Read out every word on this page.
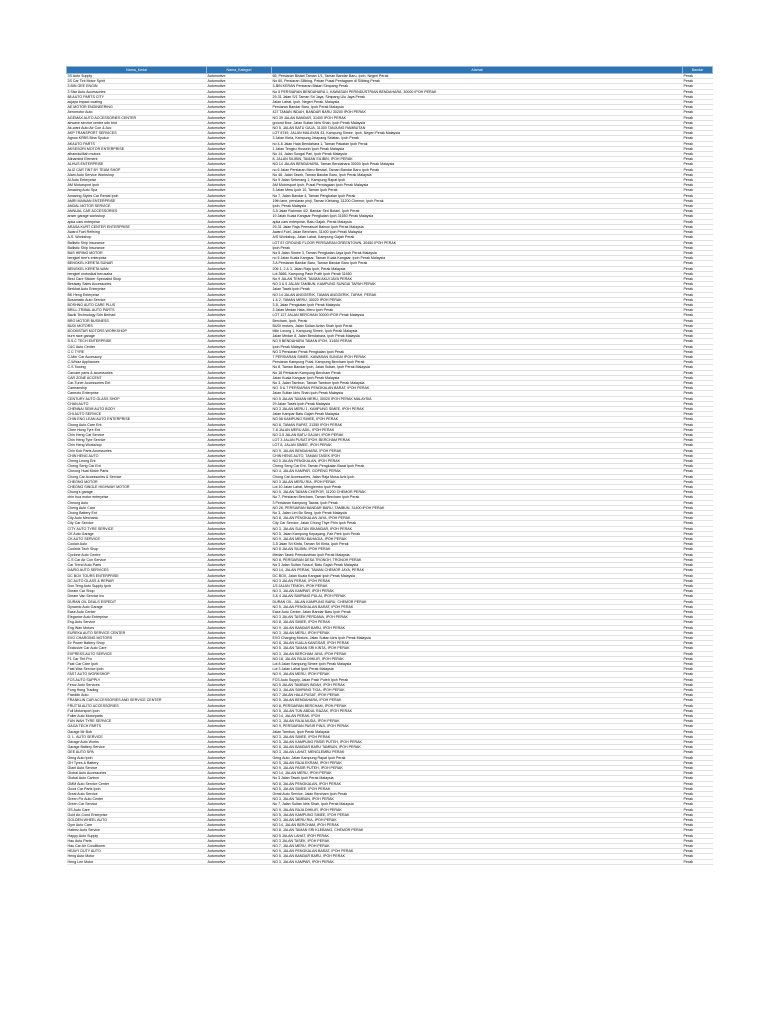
Nama_Kedai	Nama_Kategori	Alamat	Bandar
3S Auto Supply	Automotive	65, Persiaran Bistari Taman 1/1, Taman Bandar Baru, Ipoh, Negeri Perak	Perak
3S Car Tint Motor Spirit	Automotive	No 60, Persiaran Silibing, Pekan Pusat Pentagram di Silibing Perak	Perak
3 BIN GEE ENGIN	Automotive	3-BIN KERAN Persiaran Bistari Simpang Perak	Perak
3 Star Auto Accessories	Automotive	No 5 PERSIARAN BENDAHARA 1, KAWASAN PERINDUSTRIAN BENDAHARA, 30000 IPOH PERAK	Perak
88 AUTO PARTS CITY	Automotive	29-31 Jalan S/1 Taman Sri Jaya, Simpang Ulu Jaya Perak	Perak
acjaya impact coating	Automotive	Jalan Lahat, Ipoh, Negeri Perak, Malaysia	Perak
AE MOTOR ENGINEERING	Automotive	Persiaran Bandar Baru, Ipoh Perak Malaysia	Perak
Aeromotor Auto	Automotive	427 TAMAN INDAH, BANDAR BARU 30200 IPOH PERAK	Perak
AGEMAX AUTO ACCESSORIES CENTER	Automotive	NO 39 JALAN BANDAR, 31400 IPOH PERAK	Perak
airwave service centre sdn bhd	Automotive	ground floor, Jalan Sultan Idris Shah, Ipoh Perak Malaysia	Perak
Ak-wani Auto Air Con & Acc	Automotive	NO 5, JALAN BATU GAJA, 31300 TANJUNG RAMBUTAN	Perak
AKP TRANSPORT SERVICES	Automotive	LOT 8749, JALAN MALAYAN 43, Kampung Simee, Ipoh, Negeri Perak Malaysia	Perak
Agrow KRBS Bina Syukur	Automotive	3 Jalan Kinta, Kampung Jelapang Selatan, Ipoh Perak	Perak
AKAUTO PARTS	Automotive	no 4-6 Jalan Hala Bendahara 1, Taman Pakatan Ipoh Perak	Perak
AKSESORI MOTOR ENTERPRISE	Automotive	1 Jalan Tengku Hussein Ipoh Perak Malaysia	Perak
alhamdulillah motors	Automotive	No 14, Jalan Sungai Pari, Ipoh Perak Malaysia	Perak
Alinamind Element	Automotive	8, JALAN SILIBIN, TAMAN SILIBIN, IPOH PERAK	Perak
ALHUS ENTERPRISE	Automotive	NO 14 JALAN BENDAHARA, Taman Bendahara 30000 Ipoh Perak Malaysia	Perak
ALIZ CAR TINT BY TEAM SHOP	Automotive	no 6 Jalan Persiaran Meru Bestari, Taman Bandar Baru Ipoh Perak	Perak
Alam Auto Service Workshop	Automotive	No 48, Jalan Tasek, Taman Bandar Baru, Ipoh Perak Malaysia	Perak
Al Auto Enterprise	Automotive	No 9 Jalan Seberang 1, Kampung Rapat Ipoh	Perak
AM Motorsport Ipoh	Automotive	AM Motorsport Ipoh, Pusat Perniagaan Ipoh Perak Malaysia	Perak
Amazing Auto Spa	Automotive	3 Jalan Meru Ipoh 10, Taman Ipoh Perak	Perak
Amazing Styles Car Rental Ipoh	Automotive	No 7, Jalan Bandar 4, Taman Pengkalan Ipoh Perak	Perak
AMRI MAINAN ENTERPRISE	Automotive	19th lane, persiaran pinji, Taman Klebang, 31200 Chemor, Ipoh Perak	Perak
ANDAL MOTOR SERVICE	Automotive	Ipoh, Perak Malaysia	Perak
ANNUAL CAR ACCESSORIES	Automotive	3-5 Jalan Rahman 4/2, Bandar Seri Botani, Ipoh Perak	Perak
anser garage workshop	Automotive	19 Jalan Kuala Kangsar Pengkalan Ipoh 31650 Perak Malaysia	Perak
apka cars enterprise	Automotive	apka cars enterprise, Batu Gajah, Perak Malaysia	Perak
ARASA KURT CENTER ENTERPRISE	Automotive	29-31 Jalan Raja Permaisuri Bainun Ipoh Perak Malaysia	Perak
Award Fuel Refining	Automotive	Award Fuel, Jalan Bercham, 31400 Ipoh Perak Malaysia	Perak
A.S. Workshop	Automotive	A/S Workshop, Jalan Lahat, Kampung Gajah Perak	Perak
Ballistic Ship Insurance	Automotive	LOT 87 GROUND FLOOR PERSIARAN GREENTOWN, 30450 IPOH PERAK	Perak
Ballistic Ship Insurance	Automotive	Ipoh Perak	Perak
BAS HIRING MOTOR	Automotive	No 5 Jalan Simee 3, Taman Pengkalan Jaya Ipoh Perak Malaysia	Perak
bengkel bee's enterprise	Automotive	no 5 Jalan Kuala Kangsar, Taman Kuala Kangsar, Ipoh Perak Malaysia	Perak
BENGKEL KERETA SUNAR	Automotive	3 A Persiaran Bandar Baru, Taman Bandar Baru Ipoh Perak	Perak
BENGKEL KERETA WAN	Automotive	206 1, 2 & 3, Jalan Raja Ipoh, Perak Malaysia	Perak
bengkel motosikal berusaha	Automotive	Lot 3666, Kampung Pasir Putih Ipoh Perak 31650	Perak
Best Care Sticker Specialist Shop	Automotive	No 9 JALAN TEMOH, TAMAN AKUI JAYA PERAK	Perak
Bestway Sales Accessories	Automotive	NO 3 & 5 JALAN TAMBUN, KAMPUNG SUNGAI TAPAH PERAK	Perak
Berkhat Auto Enterprise	Automotive	Jalan Tasek Ipoh Perak	Perak
BK Heng Enterprise	Automotive	NO 14 JALAN ANGGERIK, TAMAN ANGGERIK, TAPAH, PERAK	Perak
Bosamatic Auto Service	Automotive	1 & 2, TAMAN MERU, 30020 IPOH PERAK	Perak
BOSHNO AUTO CARE PLUS	Automotive	3-8, Jalan Pengkalan Ipoh Perak Malaysia	Perak
BRILL-TRIBAL AUTO PARTS	Automotive	3 Jalan Medan Hala, Meru Ipoh Perak	Perak
Bavik Technology Sdn Berhad	Automotive	LOT 127 JALAN BERCHAM 30000 IPOH Perak Malaysia	Perak
BRO MOTOR BUSINESS	Automotive	Bercham, Ipoh, Perak	Perak
BUDI MOTORS	Automotive	BUDI motors, Jalan Sultan Azlan Shah Ipoh Perak	Perak
BOOMSTAR MOTORS WORKSHOP	Automotive	Mile Lorong 1, Kampung Simee, Ipoh Perak Malaysia	Perak
burn race garage	Automotive	Jalan Medan 8, Jalan Bendahara, Ipoh Perak Malaysia	Perak
B.S.C TECH ENTERPRISE	Automotive	NO 9 BENDAHARA TAMAN IPOH, 31400 PERAK	Perak
C&C Auto Center	Automotive	Ipoh Perak Malaysia	Perak
C C TYRE	Automotive	NO 3 Persiaran Perak Pengkalan Ipoh Perak	Perak
C-Mer Car Accessory	Automotive	7 PERSIARAN SIMEE, KAWASAN SUNGAI IPOH PERAK	Perak
C-Whizz Appliances	Automotive	Persiaran Kampung Pulai, Kampung Bercham Ipoh Perak	Perak
C.S Towing	Automotive	No 8, Taman Bandar Ipoh, Jalan Sultan, Ipoh Perak Malaysia	Perak
Carcare parts & accessories	Automotive	No 18 Persiaran Kampung Bercham Perak	Perak
CAR ZONE ACCENT	Automotive	Jalan Kuala Kangsar Ipoh Perak Malaysia	Perak
Car-Tuner Accessories Ent	Automotive	No 3, Jalan Tambun, Taman Tambun Ipoh Perak Malaysia	Perak
Carmanship	Automotive	NO. 5 & 7 PERSIARAN PENGKALAN BARAT, IPOH PERAK	Perak
Carmoto Enterprise	Automotive	Jalan Sultan Idris Shah Ipoh Perak Malaysia	Perak
CENTURY AUTO GLASS SHOP	Automotive	NO 5 JALAN TAMAN MERU, 30020 IPOH PERAK MALAYSIA	Perak
CHAN AUTO	Automotive	29 Jalan Tasek Ipoh Perak Malaysia	Perak
CHENNAI SEMI AUTO BODY	Automotive	NO 3 JALAN MERU 1, KAMPUNG SIMEE, IPOH PERAK	Perak
CHI AUTO SERVICE	Automotive	Jalan Kampar Batu Gajah Perak Malaysia	Perak
CHIN ENG LEAN AUTO ENTERPRISE	Automotive	NO 56 KAMPUNG SIMEE, IPOH PERAK	Perak
Chong Auto Care Ent	Automotive	NO 8, TAMAN RAPAT, 31350 IPOH PERAK	Perak
Chee Hong Tyre Ent	Automotive	7-8 JALAN MERU ADIL, IPOH PERAK	Perak
Chin Heng Car Service	Automotive	NO 3-5 JALAN BATU GAJAH, IPOH PERAK	Perak
Chin Heng Tyre Service	Automotive	LOT 3 JALAN PUSAT IPOH, BERCHAM PERAK	Perak
Chin Heng Workshop	Automotive	LOT 8, JALAN SIMEE, IPOH PERAK	Perak
Chin Kok Parts Accessories	Automotive	NO 9, JALAN BENDAHARA, IPOH PERAK	Perak
CHIN HENG AUTO	Automotive	CHIN HENG AUTO, TAMAN TASEK IPOH	Perak
Cheng Leong Ent	Automotive	NO 5 JALAN PENGKALAN, IPOH PERAK	Perak
Cheng Seng Car Ent	Automotive	Cheng Seng Car Ent, Taman Pengkalan Barat Ipoh Perak	Perak
Cheong Huat Motor Parts	Automotive	NO 4, JALAN KAMPAR, GOPENG PERAK	Perak
Chong Car Accessories & Service	Automotive	Chong Car Accessories, Jalan Raja Musa Aziz Ipoh	Perak
CHEONG MOTOR	Automotive	NO 3 JALAN MERU RIA, IPOH PERAK	Perak
CHEONG SINGLE HIGHWAY MOTOR	Automotive	Lot 10 Jalan Lahat, Menglembu Ipoh Perak	Perak
Chung's garage	Automotive	NO 5, JALAN TAMAN CHEPOR, 31200 CHEMOR PERAK	Perak
chin hua motor enterprise	Automotive	No 7, Persiaran Bercham, Taman Bercham Ipoh Perak	Perak
Cheong Auto	Automotive	3 Persiaran Kampung Tawas, Ipoh Perak	Perak
Cheng Auto Care	Automotive	NO 26, PERSIARAN BANDAR BARU, TAMBUN, 31400 IPOH PERAK	Perak
Chong Battery Ent	Automotive	No 3, Jalan Lim Bo Seng, Ipoh Perak Malaysia	Perak
City Auto Mechanic	Automotive	NO 8, JALAN PENGKALAN JAYA, IPOH PERAK	Perak
City Car Service	Automotive	City Car Service, Jalan Chung Thye Phin Ipoh Perak	Perak
CITY AUTO TYRE SERVICE	Automotive	NO 3, JALAN SULTAN ISKANDAR, IPOH PERAK	Perak
CK Auto Garage	Automotive	NO 5, Jalan Kampung Kepayang, Fair Park Ipoh Perak	Perak
CK AUTO SERVICE	Automotive	NO 9, JALAN MERU BAHAGIA, IPOH PERAK	Perak
Coolair Auto	Automotive	3-5 Jalan Sri Kinta, Taman Sri Kinta, Ipoh Perak	Perak
Coolmix Tech Shop	Automotive	NO 8 JALAN SILIBIN, IPOH PERAK	Perak
Cyclone Auto Centre	Automotive	Medan Tasek Perindustrian Ipoh Perak Malaysia	Perak
C.S Car Air Con Service	Automotive	NO 8, PERSIARAN DESA TRONOH, TRONOH PERAK	Perak
Car Trend Auto Parts	Automotive	No 3 Jalan Sultan Yussuf, Batu Gajah Perak Malaysia	Perak
DAIRO AUTO SERVICES	Automotive	NO 14, JALAN PERAK, TAMAN CHEMOR JAYA, PERAK	Perak
DC BOX TOURS ENTERPRISE	Automotive	DC BOX, Jalan Kuala Kangsar Ipoh Perak Malaysia	Perak
DC AUTO GLASS & REPAIR	Automotive	NO 3 JALAN PERAK, IPOH PERAK	Perak
Don Teng Auto Supply Ipoh	Automotive	1/3 JALAN TEMOH, IPOH PERAK	Perak
Dream Car Shop	Automotive	NO 3, JALAN KAMPAR, IPOH PERAK	Perak
Dream Van Service Inc	Automotive	3 & 4 JALAN SIMPANG PULAI, IPOH PERAK	Perak
DURAN OIL DEALS ESPEDIT	Automotive	DURAN OIL, JALAN KAMPUNG BARU, CHEMOR PERAK	Perak
Dynamic Auto Garage	Automotive	NO 5, JALAN PENGKALAN BARAT, IPOH PERAK	Perak
Ease Auto Center	Automotive	Ease Auto Center, Jalan Bandar Baru Ipoh Perak	Perak
Elegance Auto Enterprise	Automotive	NO 3 JALAN TASEK PERDANA, IPOH PERAK	Perak
Eng Auto Service	Automotive	NO 8, JALAN SIMEE, IPOH PERAK	Perak
Eng Wan Motors	Automotive	NO 9, JALAN BANDAR BARU, IPOH PERAK	Perak
EUREKA AUTO SERVICE CENTER	Automotive	NO 3, JALAN MERU, IPOH PERAK	Perak
EVO CHARGING MOTORS	Automotive	EVO Charging Motors, Jalan Sultan Idris Ipoh Perak Malaysia	Perak
Ev Power Battery Shop	Automotive	NO 8, JALAN KUALA KANGSAR, IPOH PERAK	Perak
Exclusive Car Auto Care	Automotive	NO 5, JALAN TAMAN SRI KINTA, IPOH PERAK	Perak
EXPRESS AUTO SERVICE	Automotive	NO 3, JALAN BERCHAM JAYA, IPOH PERAK	Perak
F1 Car Tint Pro	Automotive	NO 18, JALAN RAJA DIHILIR, IPOH PERAK	Perak
Fast Car Care Ipoh	Automotive	Lot 8 Jalan Kampung Simee Ipoh Perak Malaysia	Perak
Fast Wax Service Ipoh	Automotive	Lot 3 Jalan Lahat Ipoh Perak Malaysia	Perak
FAST AUTO WORKSHOP	Automotive	NO 9, JALAN MERU, IPOH PERAK	Perak
FCS AUTO SUPPLY	Automotive	FCS Auto Supply, Jalan Pasir Puteh Ipoh Perak	Perak
Feroz Auto Services	Automotive	NO 5 JALAN TAMBUN INDAH, IPOH PERAK	Perak
Fong Hong Trading	Automotive	NO 3, JALAN SIMPANG TIGA, IPOH PERAK	Perak
Franklin Auto	Automotive	NO 7 JALAN HALA PUSAT, IPOH PERAK	Perak
FRANKLIN CAR ACCESSORIES AND SERVICE CENTER	Automotive	NO 5, JALAN BENDAHARA, IPOH PERAK	Perak
FRUTTA AUTO ACCESSORIES	Automotive	NO 8, PERSIARAN BERCHAM, IPOH PERAK	Perak
Full Motorsport Ipoh	Automotive	NO 5, JALAN TUN ABDUL RAZAK, IPOH PERAK	Perak
Fuller Auto Motorparts	Automotive	NO 14, JALAN PERAK, IPOH	Perak
FUN WAH TYRE SERVICE	Automotive	NO 3, JALAN RAJA MUDA, IPOH PERAK	Perak
GAGA TECH PARTS	Automotive	NO 9, PERSIARAN PASIR PINJI, IPOH PERAK	Perak
Garage Mr Bob	Automotive	Jalan Tambun, Ipoh Perak Malaysia	Perak
G. L. AUTO SERVICE	Automotive	NO 3, JALAN SIMEE, IPOH PERAK	Perak
Garage Auto Works	Automotive	NO 5, JALAN KAMPUNG PASIR PUTEH, IPOH PERAK	Perak
Garage Battery Service	Automotive	NO 8, JALAN BANDAR BARU TAMBUN, IPOH PERAK	Perak
GEE AUTO SPA	Automotive	NO 3, JALAN LAHAT, MENGLEMBU PERAK	Perak
Geng Auto Ipoh	Automotive	Geng Auto, Jalan Kampung Rapat Ipoh Perak	Perak
GH Tyres & Battery	Automotive	NO 5, JALAN RAJA EKRAM, IPOH PERAK	Perak
Giant Auto Service	Automotive	NO 9, JALAN PASIR PUTEH, IPOH PERAK	Perak
Global Auto Accessories	Automotive	NO 14, JALAN MERU, IPOH PERAK	Perak
Global Auto Carbon	Automotive	No 3 Jalan Tasek Ipoh Perak Malaysia	Perak
GMM Auto Service Center	Automotive	NO 8, JALAN PENGKALAN, IPOH PERAK	Perak
Good Car Parts Ipoh	Automotive	NO 5, JALAN SIMEE, IPOH PERAK	Perak
Great Auto Service	Automotive	Great Auto Service, Jalan Bercham Ipoh Perak	Perak
Green Fix Auto Center	Automotive	NO 3, JALAN TAMBUN, IPOH PERAK	Perak
Green Car Service	Automotive	No 7, Jalan Sultan Idris Shah, Ipoh Perak Malaysia	Perak
GS Auto Care	Automotive	NO 9, JALAN RAJA DIHILIR, IPOH PERAK	Perak
Gold Air-Cond Enterprise	Automotive	NO 5, JALAN KAMPUNG SIMEE, IPOH PERAK	Perak
GOLDEN WHEEL AUTO	Automotive	NO 3, JALAN MERU RIA, IPOH PERAK	Perak
Gym Auto Care	Automotive	NO 14, JALAN BERCHAM, IPOH PERAK	Perak
Hafeez Auto Service	Automotive	NO 8, JALAN TAMAN SRI KLEBANG, CHEMOR PERAK	Perak
Happy Auto Supply	Automotive	NO 5 JALAN LAHAT, IPOH PERAK	Perak
Hau Auto Parts	Automotive	NO 3 JALAN TASEK, IPOH PERAK	Perak
Hau Car Air Conditioner	Automotive	NO 7, JALAN MERU, IPOH PERAK	Perak
HEAVY DUTY AUTO	Automotive	NO 9, JALAN PENGKALAN BARAT, IPOH PERAK	Perak
Heng Auto Motor	Automotive	NO 5, JALAN BANDAR BARU, IPOH PERAK	Perak
Heng Lee Motor	Automotive	NO 3, JALAN KAMPAR, IPOH PERAK	Perak
